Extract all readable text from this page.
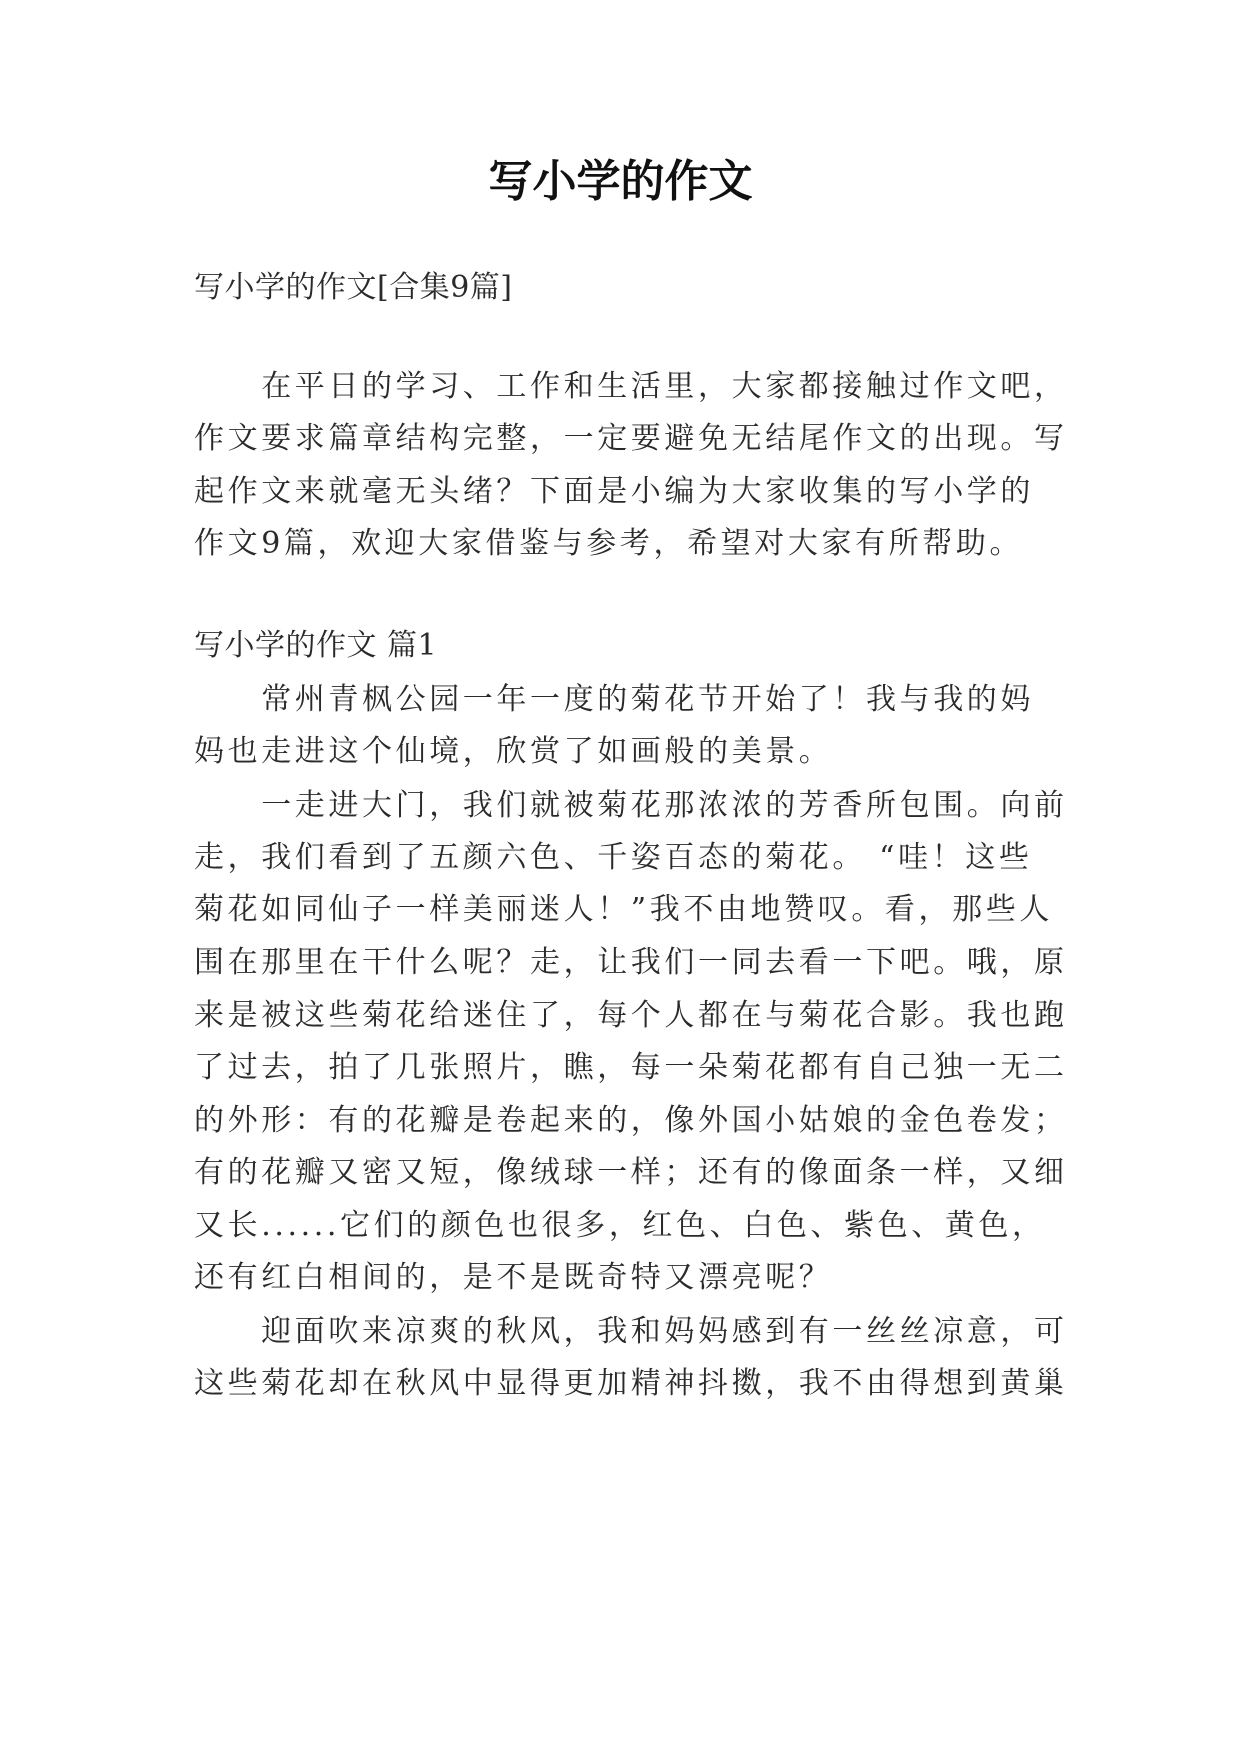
写小学的作文
写小学的作文[合集9篇]
　　在平日的学习、工作和生活里，大家都接触过作文吧，
作文要求篇章结构完整，一定要避免无结尾作文的出现。写
起作文来就毫无头绪？下面是小编为大家收集的写小学的
作文9篇，欢迎大家借鉴与参考，希望对大家有所帮助。
写小学的作文 篇1
　　常州青枫公园一年一度的菊花节开始了！我与我的妈
妈也走进这个仙境，欣赏了如画般的美景。
　　一走进大门，我们就被菊花那浓浓的芳香所包围。向前
走，我们看到了五颜六色、千姿百态的菊花。 “哇！这些
菊花如同仙子一样美丽迷人！”我不由地赞叹。看，那些人
围在那里在干什么呢？走，让我们一同去看一下吧。哦，原
来是被这些菊花给迷住了，每个人都在与菊花合影。我也跑
了过去，拍了几张照片，瞧，每一朵菊花都有自己独一无二
的外形：有的花瓣是卷起来的，像外国小姑娘的金色卷发；
有的花瓣又密又短，像绒球一样；还有的像面条一样，又细
又长......它们的颜色也很多，红色、白色、紫色、黄色，
还有红白相间的，是不是既奇特又漂亮呢？
　　迎面吹来凉爽的秋风，我和妈妈感到有一丝丝凉意，可
这些菊花却在秋风中显得更加精神抖擞，我不由得想到黄巢
